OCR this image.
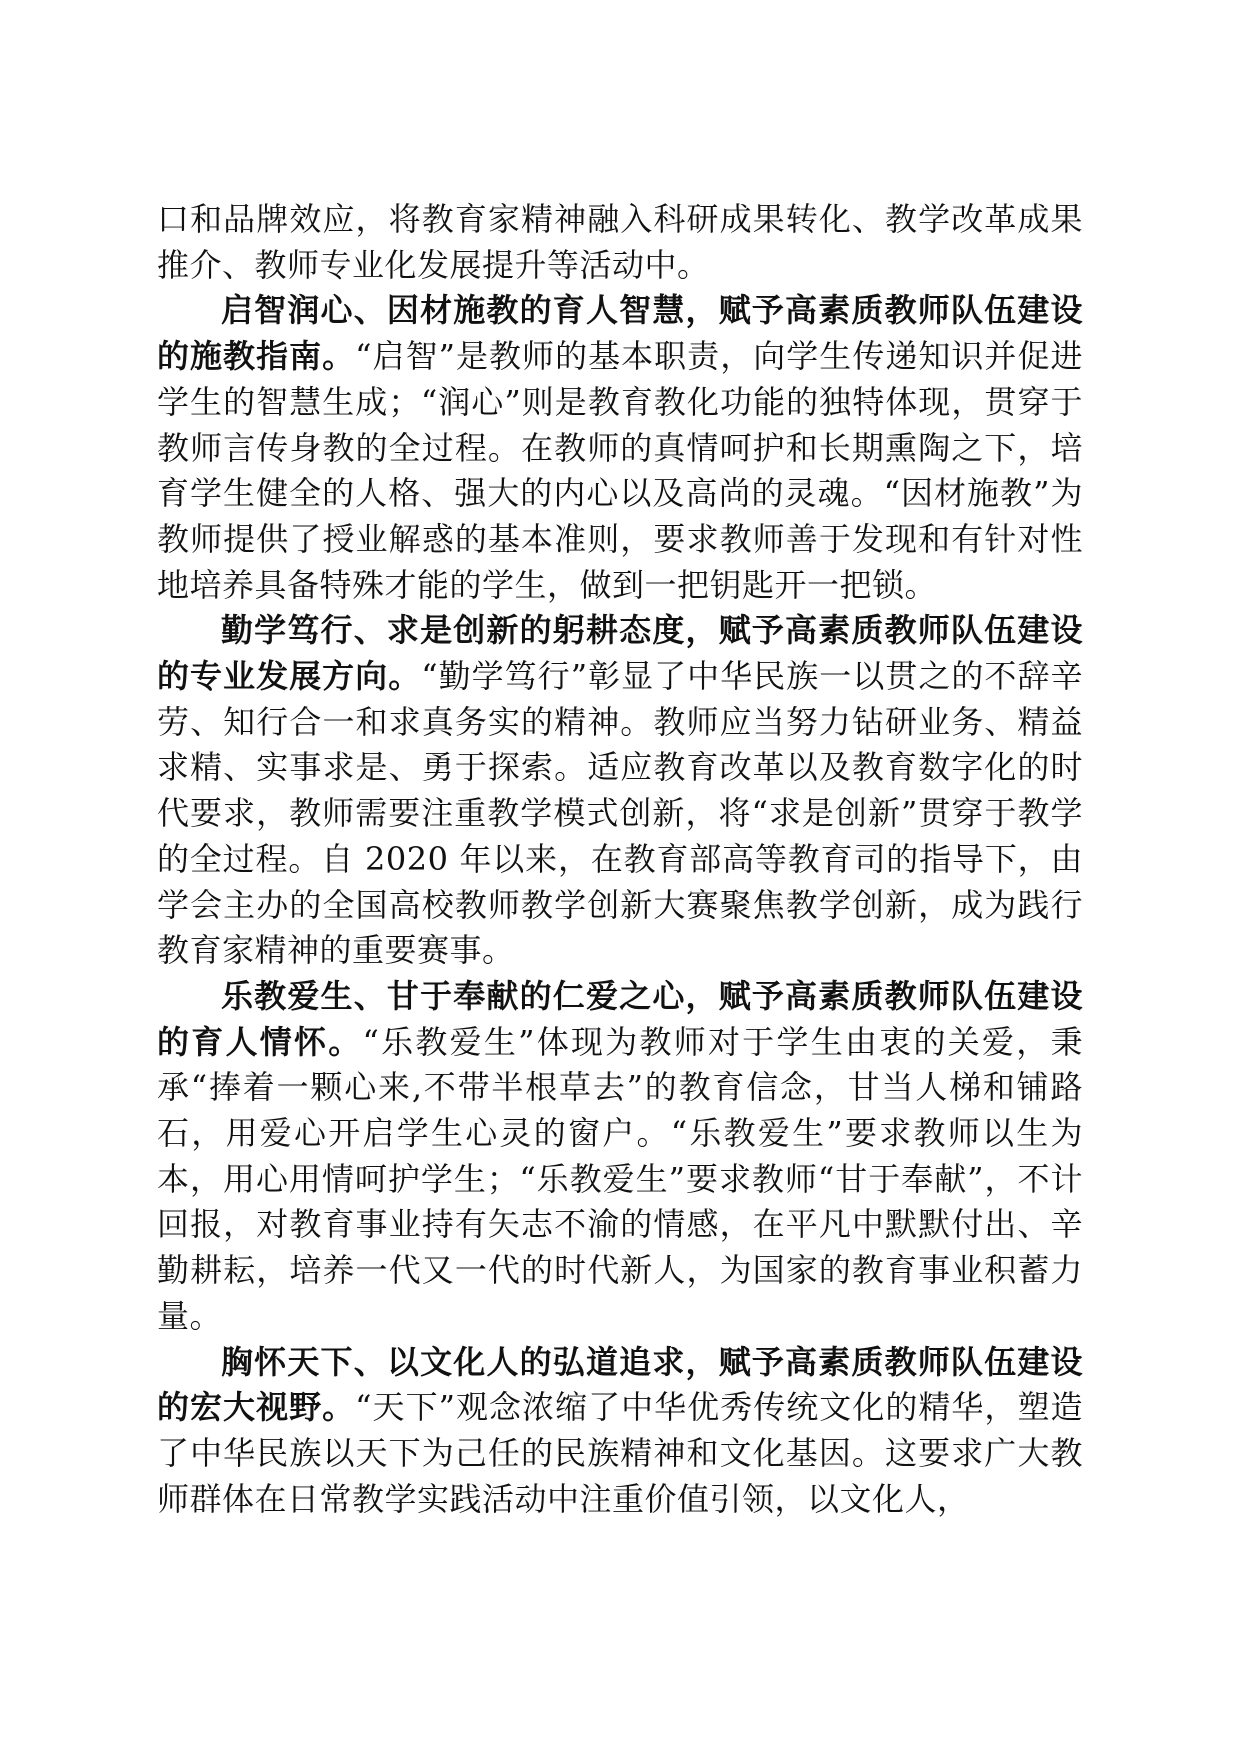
口和品牌效应，将教育家精神融入科研成果转化、教学改革成果推介、教师专业化发展提升等活动中。

启智润心、因材施教的育人智慧，赋予高素质教师队伍建设的施教指南。“启智”是教师的基本职责，向学生传递知识并促进学生的智慧生成；“润心”则是教育教化功能的独特体现，贯穿于教师言传身教的全过程。在教师的真情呵护和长期熏陶之下，培育学生健全的人格、强大的内心以及高尚的灵魂。“因材施教”为教师提供了授业解惑的基本准则，要求教师善于发现和有针对性地培养具备特殊才能的学生，做到一把钥匙开一把锁。

勤学笃行、求是创新的躬耕态度，赋予高素质教师队伍建设的专业发展方向。“勤学笃行”彰显了中华民族一以贯之的不辞辛劳、知行合一和求真务实的精神。教师应当努力钻研业务、精益求精、实事求是、勇于探索。适应教育改革以及教育数字化的时代要求，教师需要注重教学模式创新，将“求是创新”贯穿于教学的全过程。自 2020 年以来，在教育部高等教育司的指导下，由学会主办的全国高校教师教学创新大赛聚焦教学创新，成为践行教育家精神的重要赛事。

乐教爱生、甘于奉献的仁爱之心，赋予高素质教师队伍建设的育人情怀。“乐教爱生”体现为教师对于学生由衷的关爱，秉承“捧着一颗心来,不带半根草去”的教育信念，甘当人梯和铺路石，用爱心开启学生心灵的窗户。“乐教爱生”要求教师以生为本，用心用情呵护学生；“乐教爱生”要求教师“甘于奉献”，不计回报，对教育事业持有矢志不渝的情感，在平凡中默默付出、辛勤耕耘，培养一代又一代的时代新人，为国家的教育事业积蓄力量。

胸怀天下、以文化人的弘道追求，赋予高素质教师队伍建设的宏大视野。“天下”观念浓缩了中华优秀传统文化的精华，塑造了中华民族以天下为己任的民族精神和文化基因。这要求广大教师群体在日常教学实践活动中注重价值引领，以文化人，
